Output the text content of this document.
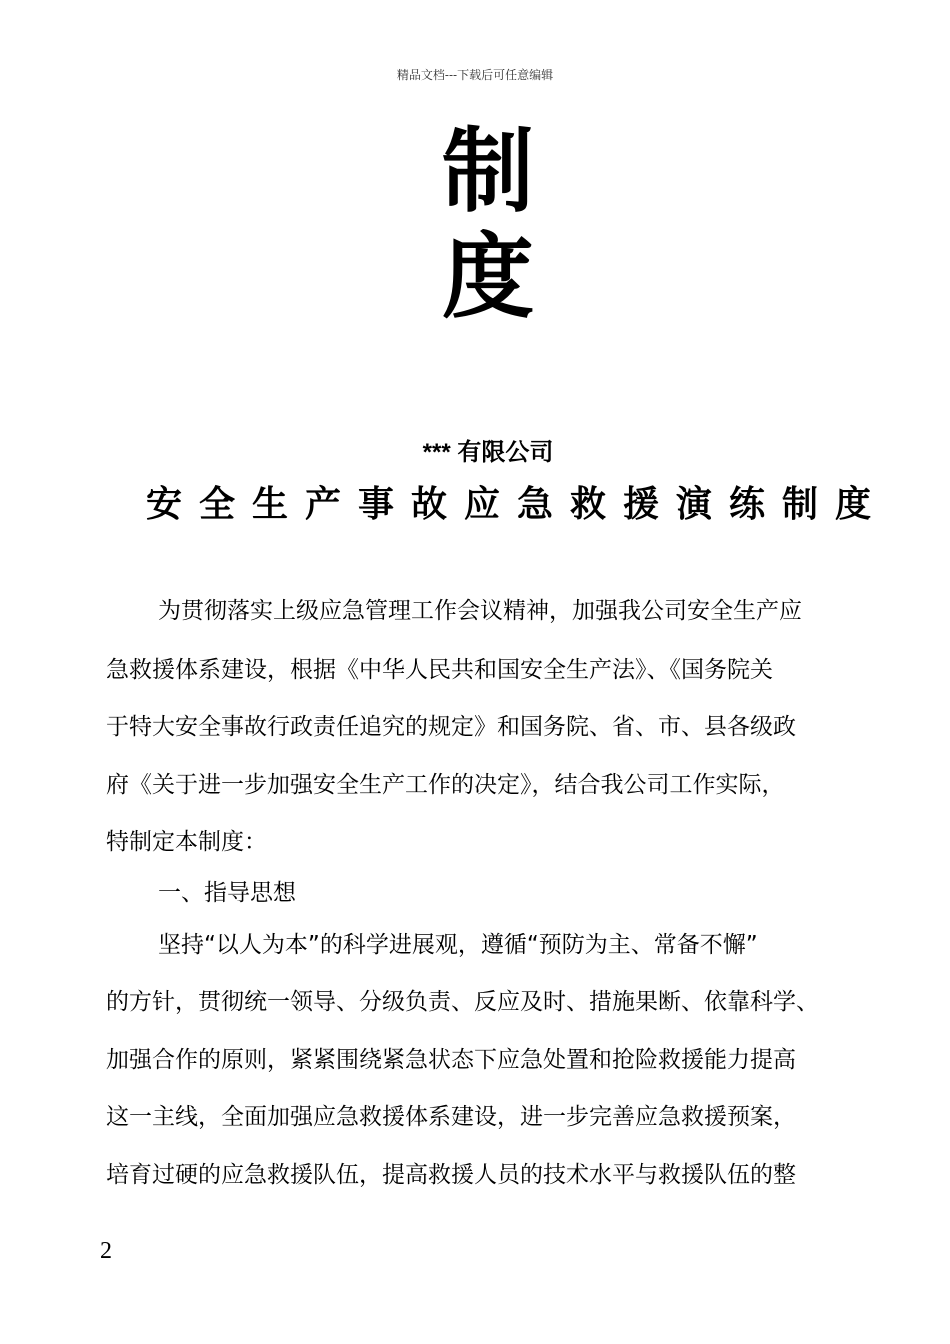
精品文档---下载后可任意编辑
制
度
*** 有限公司
安全生产事故应急救援演练制度
为贯彻落实上级应急管理工作会议精神，加强我公司安全生产应
急救援体系建设，根据《中华人民共和国安全生产法》、《国务院关
于特大安全事故行政责任追究的规定》和国务院、省、市、县各级政
府《关于进一步加强安全生产工作的决定》，结合我公司工作实际，
特制定本制度：
一、指导思想
坚持“以人为本”的科学进展观，遵循“预防为主、常备不懈”
的方针，贯彻统一领导、分级负责、反应及时、措施果断、依靠科学、
加强合作的原则，紧紧围绕紧急状态下应急处置和抢险救援能力提高
这一主线，全面加强应急救援体系建设，进一步完善应急救援预案，
培育过硬的应急救援队伍，提高救援人员的技术水平与救援队伍的整
2
